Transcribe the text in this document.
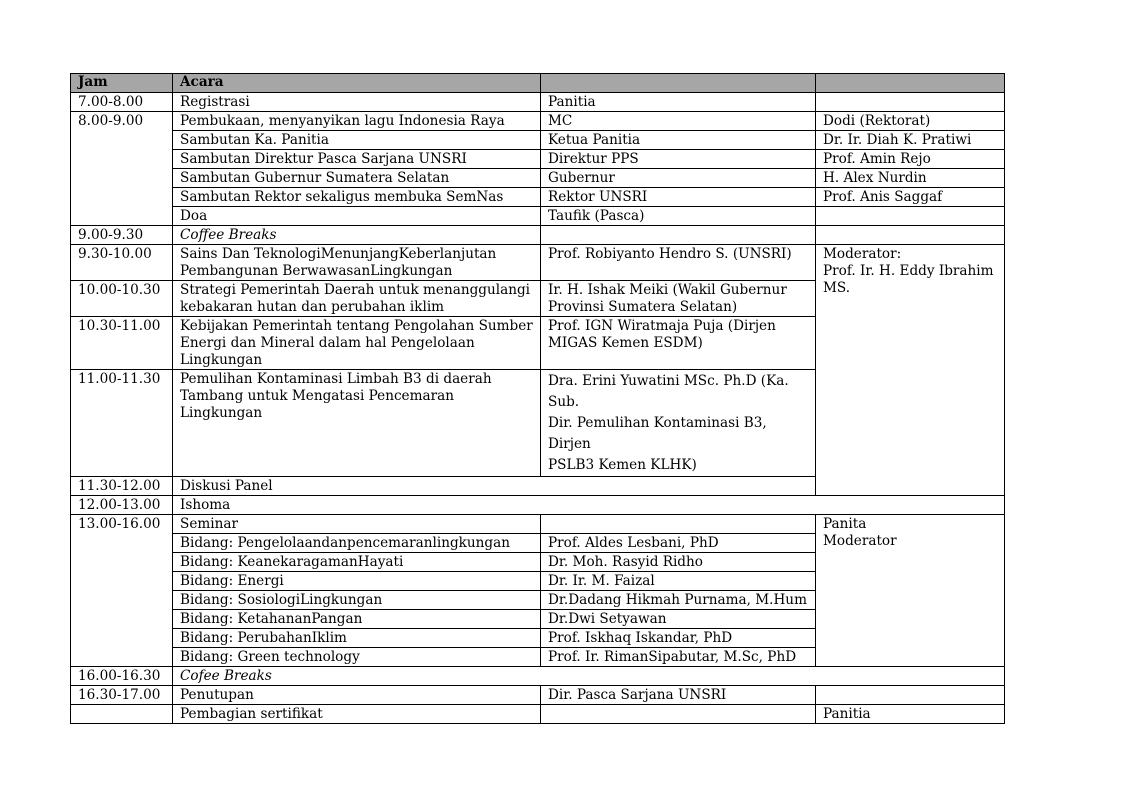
Jam	Acara		
7.00-8.00	Registrasi	Panitia	
8.00-9.00	Pembukaan, menyanyikan lagu Indonesia Raya	MC	Dodi (Rektorat)
	Sambutan Ka. Panitia	Ketua Panitia	Dr. Ir. Diah K. Pratiwi
	Sambutan Direktur Pasca Sarjana UNSRI	Direktur PPS	Prof. Amin Rejo
	Sambutan Gubernur Sumatera Selatan	Gubernur	H. Alex Nurdin
	Sambutan Rektor sekaligus membuka SemNas	Rektor UNSRI	Prof. Anis Saggaf
	Doa	Taufik (Pasca)	
9.00-9.30	Coffee Breaks		
9.30-10.00	Sains Dan TeknologiMenunjangKeberlanjutan
Pembangunan BerwawasanLingkungan	Prof. Robiyanto Hendro S. (UNSRI)	Moderator:
Prof. Ir. H. Eddy Ibrahim
MS.

10.00-10.30	Strategi Pemerintah Daerah untuk menanggulangi
kebakaran hutan dan perubahan iklim	Ir. H. Ishak Meiki (Wakil Gubernur
Provinsi Sumatera Selatan)	

10.30-11.00	Kebijakan Pemerintah tentang Pengolahan Sumber
Energi dan Mineral dalam hal Pengelolaan
Lingkungan	Prof. IGN Wiratmaja Puja (Dirjen
MIGAS Kemen ESDM)	

11.00-11.30	Pemulihan Kontaminasi Limbah B3 di daerah
Tambang untuk Mengatasi Pencemaran
Lingkungan	Dra. Erini Yuwatini MSc. Ph.D (Ka. Sub.
Dir. Pemulihan Kontaminasi B3, Dirjen
PSLB3 Kemen KLHK)	

11.30-12.00	Diskusi Panel		
12.00-13.00	Ishoma		
13.00-16.00	Seminar		Panita
Moderator

	Bidang: Pengelolaandanpencemaranlingkungan	Prof. Aldes Lesbani, PhD	
	Bidang: KeanekaragamanHayati	Dr. Moh. Rasyid Ridho	
	Bidang: Energi	Dr. Ir. M. Faizal	
	Bidang: SosiologiLingkungan	Dr.Dadang Hikmah Purnama, M.Hum	
	Bidang: KetahananPangan	Dr.Dwi Setyawan	
	Bidang: PerubahanIklim	Prof. Iskhaq Iskandar, PhD	
	Bidang: Green technology	Prof. Ir. RimanSipabutar, M.Sc, PhD	
16.00-16.30	Cofee Breaks		
16.30-17.00	Penutupan	Dir. Pasca Sarjana UNSRI	
	Pembagian sertifikat		Panitia
